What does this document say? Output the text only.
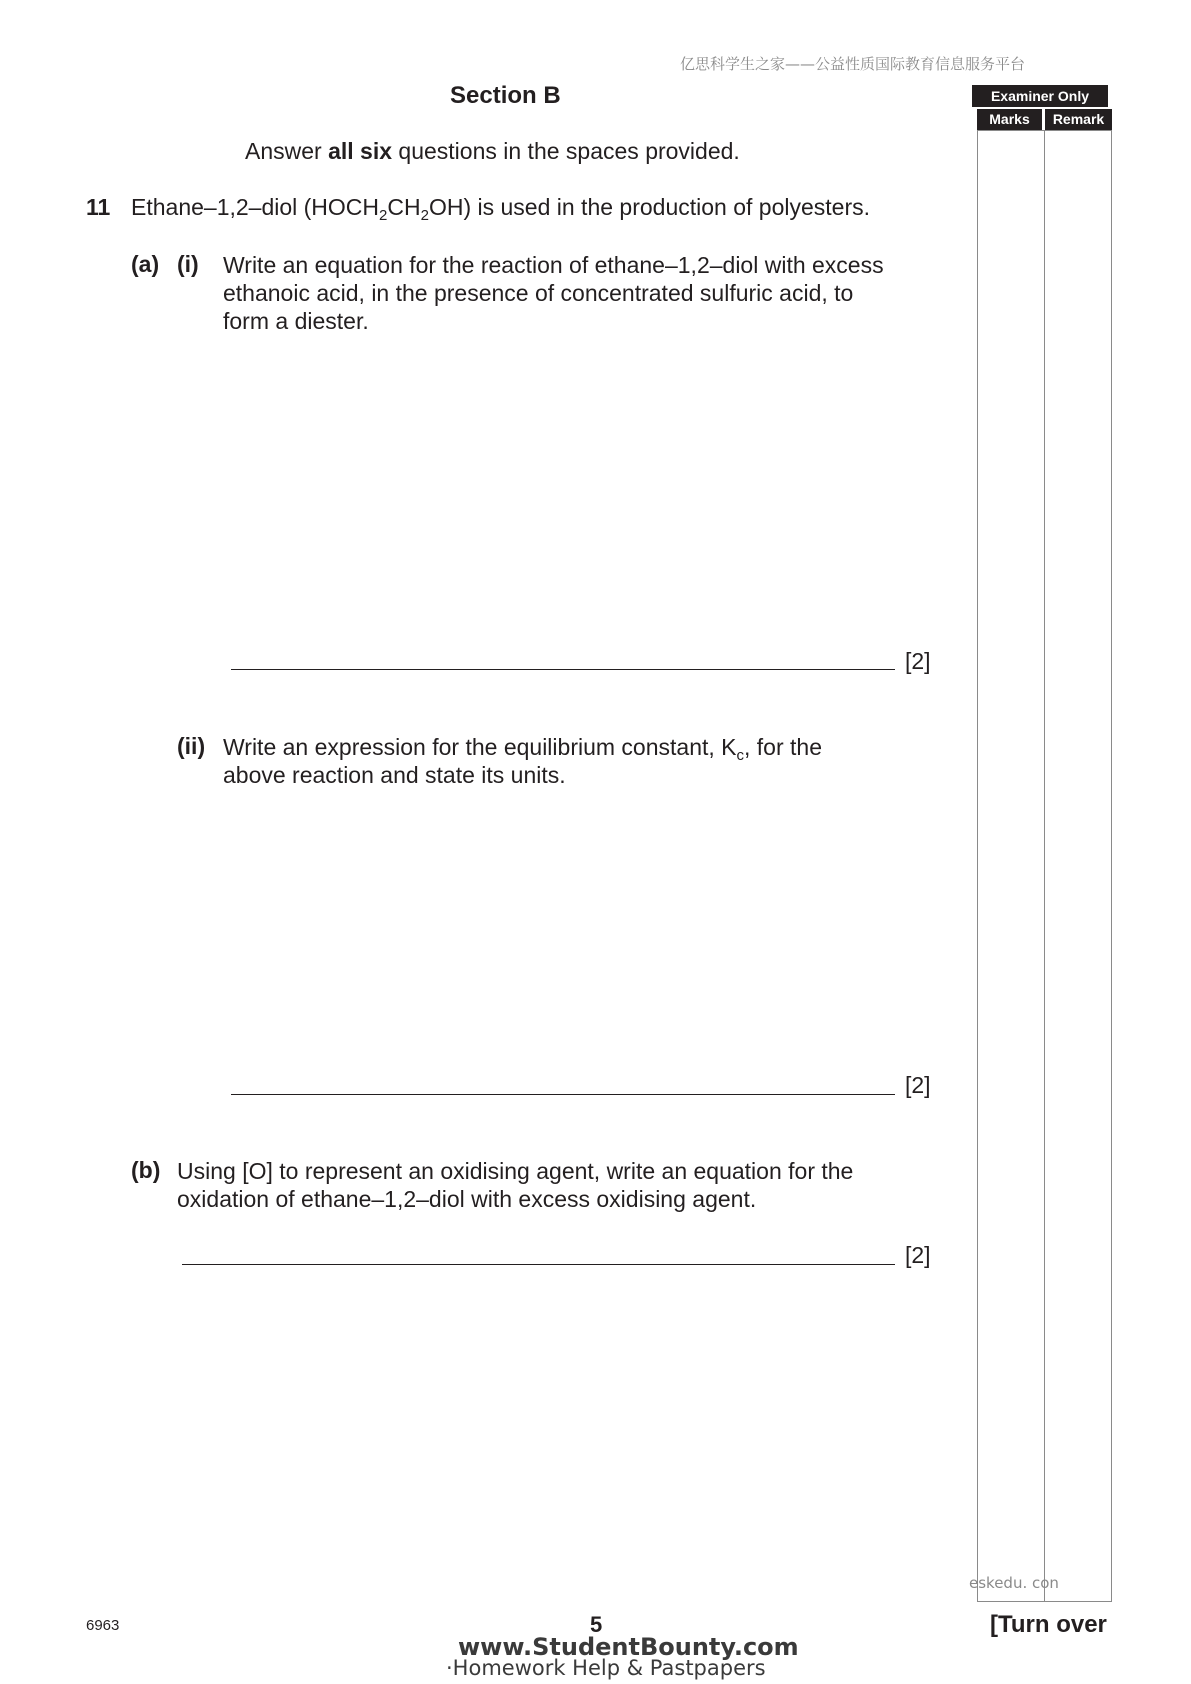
亿思科学生之家——公益性质国际教育信息服务平台
Section B
Answer all six questions in the spaces provided.
11 Ethane–1,2–diol $(HOCH_2CH_2OH)$ is used in the production of polyesters.
(a) (i) Write an equation for the reaction of ethane–1,2–diol with excess
ethanoic acid, in the presence of concentrated sulfuric acid, to
form a diester.
[2]
(ii) Write an expression for the equilibrium constant, $K_c$, for the
above reaction and state its units.
[2]
(b) Using [O] to represent an oxidising agent, write an equation for the
oxidation of ethane–1,2–diol with excess oxidising agent.
[2]
Examiner Only
Marks	Remark
eskedu. con
6963	5	[Turn over
www.StudentBounty.com
·Homework Help & Pastpapers
